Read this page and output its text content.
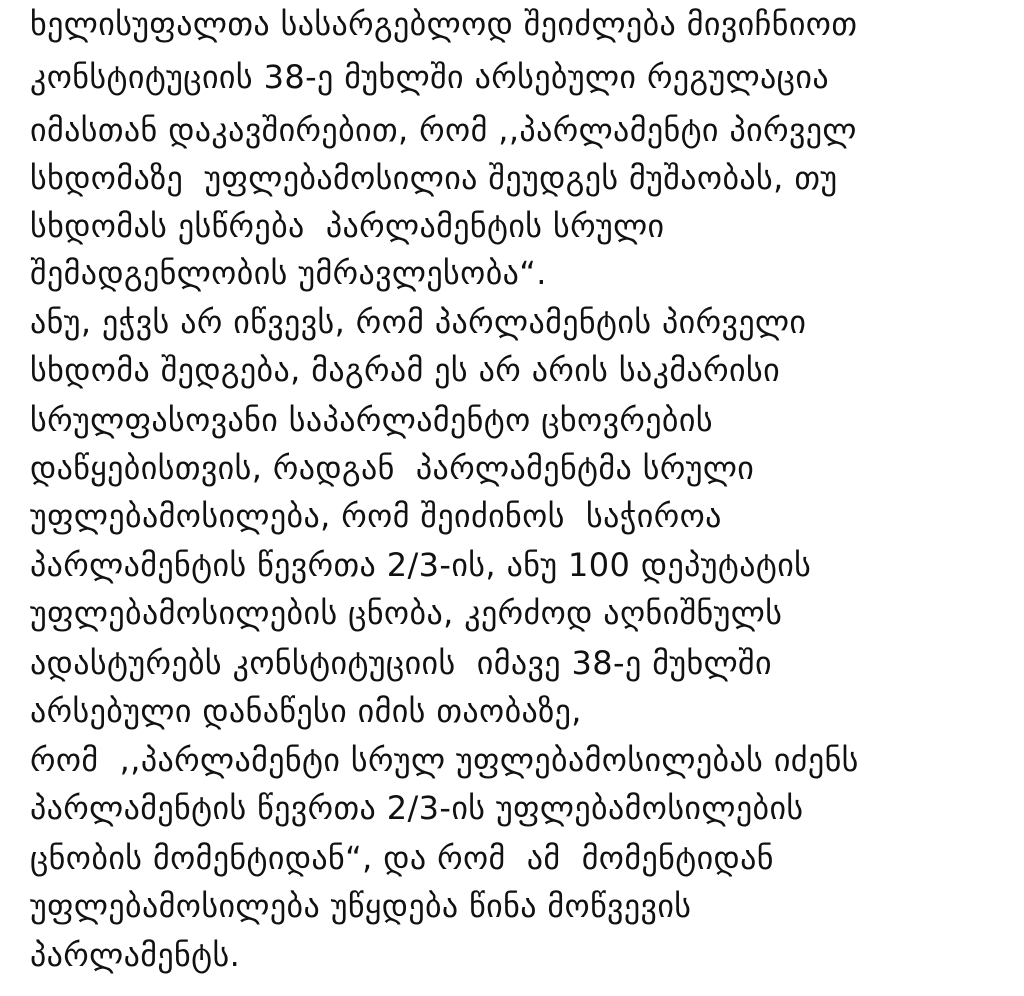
ხელისუფალთა სასარგებლოდ შეიძლება მივიჩნიოთ
კონსტიტუციის 38-ე მუხლში არსებული რეგულაცია
იმასთან დაკავშირებით, რომ ,,პარლამენტი პირველ
სხდომაზე  უფლებამოსილია შეუდგეს მუშაობას, თუ
სხდომას ესწრება  პარლამენტის სრული
შემადგენლობის უმრავლესობა“.
ანუ, ეჭვს არ იწვევს, რომ პარლამენტის პირველი
სხდომა შედგება, მაგრამ ეს არ არის საკმარისი
სრულფასოვანი საპარლამენტო ცხოვრების
დაწყებისთვის, რადგან  პარლამენტმა სრული
უფლებამოსილება, რომ შეიძინოს  საჭიროა
პარლამენტის წევრთა 2/3-ის, ანუ 100 დეპუტატის
უფლებამოსილების ცნობა, კერძოდ აღნიშნულს
ადასტურებს კონსტიტუციის  იმავე 38-ე მუხლში
არსებული დანაწესი იმის თაობაზე,
რომ  ,,პარლამენტი სრულ უფლებამოსილებას იძენს
პარლამენტის წევრთა 2/3-ის უფლებამოსილების
ცნობის მომენტიდან“, და რომ  ამ  მომენტიდან
უფლებამოსილება უწყდება წინა მოწვევის
პარლამენტს.
